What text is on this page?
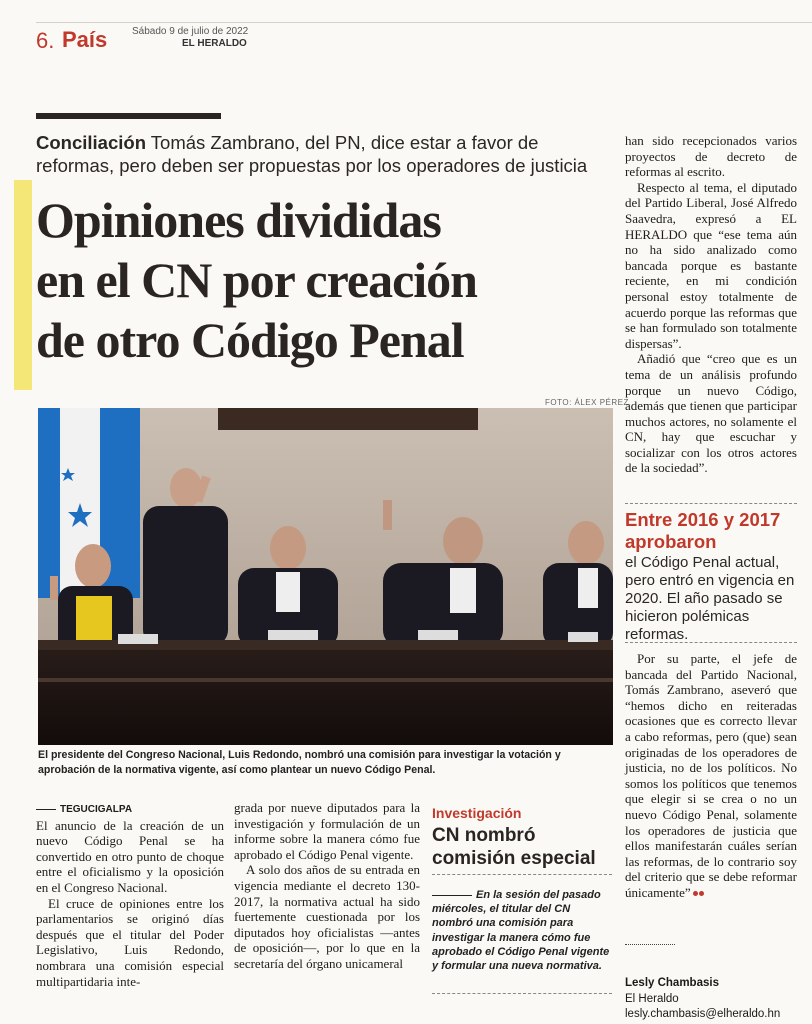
6. País Sábado 9 de julio de 2022
EL HERALDO
Conciliación Tomás Zambrano, del PN, dice estar a favor de reformas, pero deben ser propuestas por los operadores de justicia
Opiniones divididas
en el CN por creación
de otro Código Penal
FOTO: ÁLEX PÉREZ
El presidente del Congreso Nacional, Luis Redondo, nombró una comisión para investigar la votación y aprobación de la normativa vigente, así como plantear un nuevo Código Penal.

TEGUCIGALPA

El anuncio de la creación de un nuevo Código Penal se ha convertido en otro punto de choque entre el oficialismo y la oposición en el Congreso Nacional.

El cruce de opiniones entre los parlamentarios se originó días después que el titular del Poder Legislativo, Luis Redondo, nombrara una comisión especial multipartidaria inte-

grada por nueve diputados para la investigación y formulación de un informe sobre la manera cómo fue aprobado el Código Penal vigente.

A solo dos años de su entrada en vigencia mediante el decreto 130-2017, la normativa actual ha sido fuertemente cuestionada por los diputados hoy oficialistas —antes de oposición—, por lo que en la secretaría del órgano unicameral

Investigación
CN nombró comisión especial
En la sesión del pasado miércoles, el titular del CN nombró una comisión para investigar la manera cómo fue aprobado el Código Penal vigente y formular una nueva normativa.

han sido recepcionados varios proyectos de decreto de reformas al escrito.

Respecto al tema, el diputado del Partido Liberal, José Alfredo Saavedra, expresó a EL HERALDO que “ese tema aún no ha sido analizado como bancada porque es bastante reciente, en mi condición personal estoy totalmente de acuerdo porque las reformas que se han formulado son totalmente dispersas”.

Añadió que “creo que es un tema de un análisis profundo porque un nuevo Código, además que tienen que participar muchos actores, no solamente el CN, hay que escuchar y socializar con los otros actores de la sociedad”.

Entre 2016 y 2017 aprobaron
el Código Penal actual, pero entró en vigencia en 2020. El año pasado se hicieron polémicas reformas.

Por su parte, el jefe de bancada del Partido Nacional, Tomás Zambrano, aseveró que “hemos dicho en reiteradas ocasiones que es correcto llevar a cabo reformas, pero (que) sean originadas de los operadores de justicia, no de los políticos. No somos los políticos que tenemos que elegir si se crea o no un nuevo Código Penal, solamente los operadores de justicia que ellos manifestarán cuáles serían las reformas, de lo contrario soy del criterio que se debe reformar únicamente”

Lesly Chambasis
El Heraldo
lesly.chambasis@elheraldo.hn
